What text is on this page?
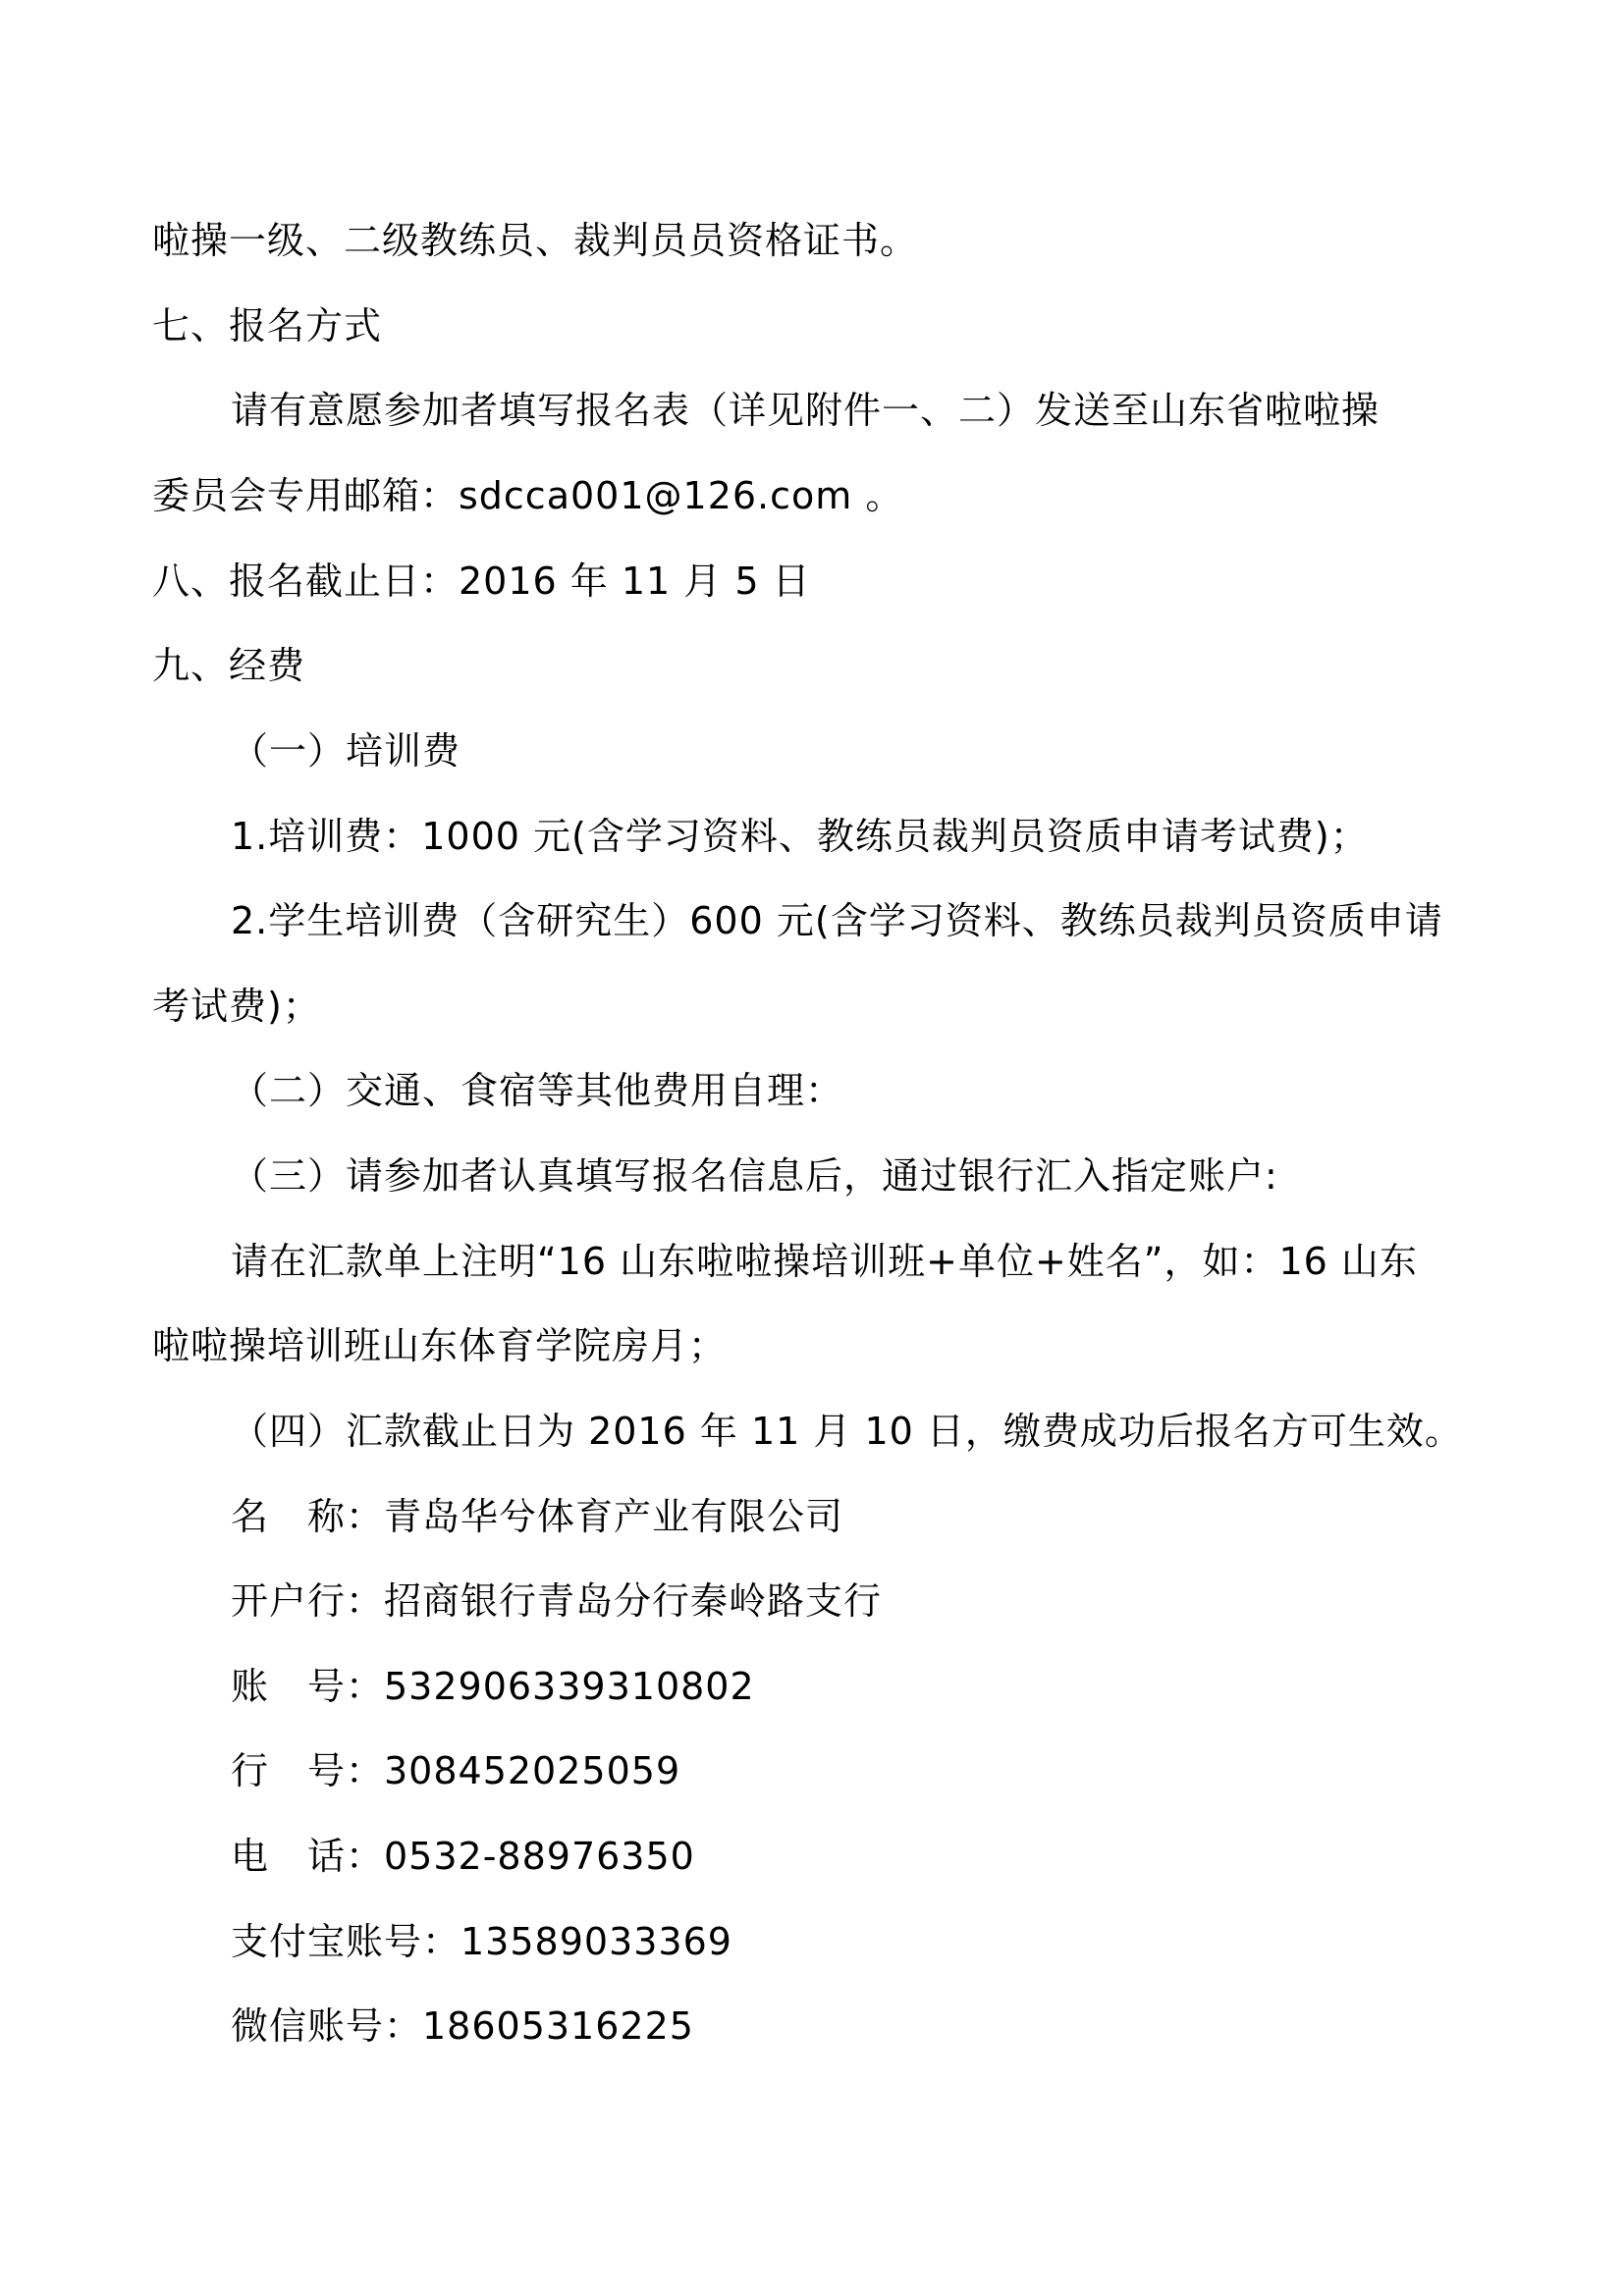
啦操一级、二级教练员、裁判员员资格证书。
七、报名方式
请有意愿参加者填写报名表（详见附件一、二）发送至山东省啦啦操
委员会专用邮箱：sdcca001@126.com 。
八、报名截止日：2016 年 11 月 5 日
九、经费
（一）培训费
1.培训费：1000 元(含学习资料、教练员裁判员资质申请考试费)；
2.学生培训费（含研究生）600 元(含学习资料、教练员裁判员资质申请
考试费)；
（二）交通、食宿等其他费用自理：
（三）请参加者认真填写报名信息后，通过银行汇入指定账户:
请在汇款单上注明“16 山东啦啦操培训班+单位+姓名”，如：16 山东
啦啦操培训班山东体育学院房月；
（四）汇款截止日为 2016 年 11 月 10 日，缴费成功后报名方可生效。
名　称：青岛华兮体育产业有限公司
开户行：招商银行青岛分行秦岭路支行
账　号：532906339310802
行　号：308452025059
电　话：0532-88976350
支付宝账号：13589033369
微信账号：18605316225
